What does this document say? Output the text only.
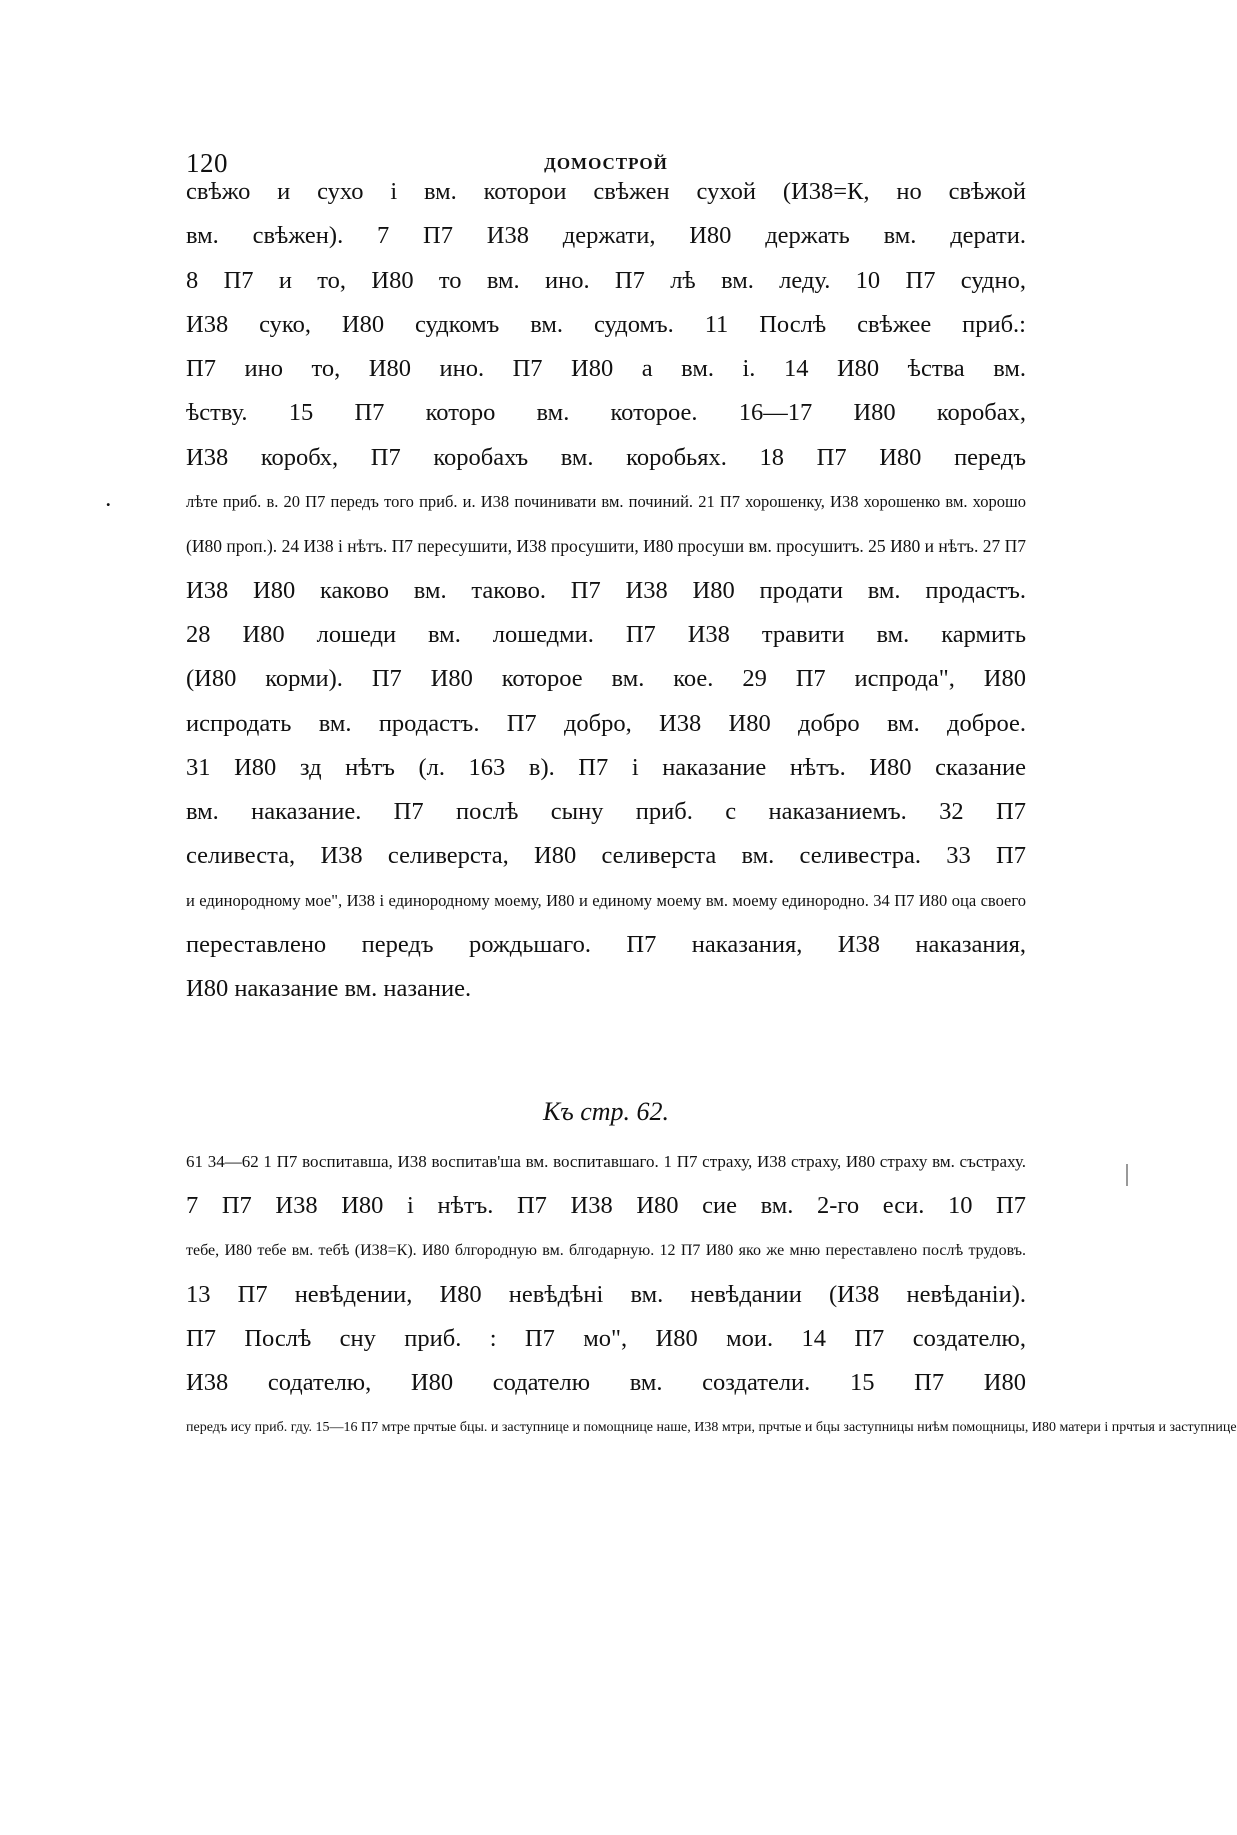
120	ДОМОСТРОЙ
.
свѣжо и сухо і вм. которои свѣжен сухой (И38=К, но свѣжой
вм. свѣжен). 7 П7 И38 держати, И80 держать вм. дерати.
8 П7 и то, И80 то вм. ино. П7 лѣ вм. леду. 10 П7 судно,
И38 суко, И80 судкомъ вм. судомъ. 11 Послѣ свѣжее приб.:
П7 ино то, И80 ино. П7 И80 а вм. і. 14 И80 ѣства вм.
ѣству. 15 П7 которо вм. которое. 16—17 И80 коробах,
И38 коробх, П7 коробахъ вм. коробьях. 18 П7 И80 передъ
лѣте приб. в. 20 П7 передъ того приб. и. И38 починивати вм. починий. 21 П7 хорошенку, И38 хорошенко вм. хорошо
(И80 проп.). 24 И38 і нѣтъ. П7 пересушити, И38 просушити, И80 просуши вм. просушитъ. 25 И80 и нѣтъ. 27 П7
И38 И80 каково вм. таково. П7 И38 И80 продати вм. продастъ.
28 И80 лошеди вм. лошедми. П7 И38 травити вм. кармить
(И80 корми). П7 И80 которое вм. кое. 29 П7 испрода", И80
испродать вм. продастъ. П7 добро, И38 И80 добро вм. доброе.
31 И80 зд нѣтъ (л. 163 в). П7 і наказание нѣтъ. И80 сказание
вм. наказание. П7 послѣ сыну приб. с наказаниемъ. 32 П7
селивеста, И38 селиверста, И80 селиверста вм. селивестра. 33 П7
и единородному мое", И38 і единородному моему, И80 и единомy моему вм. моему единородно. 34 П7 И80 оца своего
переставлено передъ рождьшаго. П7 наказания, И38 наказания,
И80 наказание вм. назание.
Къ стр. 62.
61 34—62 1 П7 воспитавша, И38 воспитав'ша вм. воспитавшаго. 1 П7 страху, И38 страху, И80 страху вм. състраху.
7 П7 И38 И80 і нѣтъ. П7 И38 И80 сие вм. 2-го еси. 10 П7
тебе, И80 тебе вм. тебѣ (И38=К). И80 блгородную вм. блгодарную. 12 П7 И80 яко же мню переставлено послѣ трудовъ.
13 П7 невѣдении, И80 невѣдѣнi вм. невѣдании (И38 невѣданiи).
П7 Послѣ сну приб. : П7 мо", И80 мои. 14 П7 создателю,
И38 содателю, И80 содателю вм. создатели. 15 П7 И80
передъ ису приб. гду. 15—16 П7 мтре прчтые бцы. и заступнице и помощнице наше, И38 мтри, прчтые и бцы заступницы ниѣм помощницы, И80 матери і прчтыя и заступнице
